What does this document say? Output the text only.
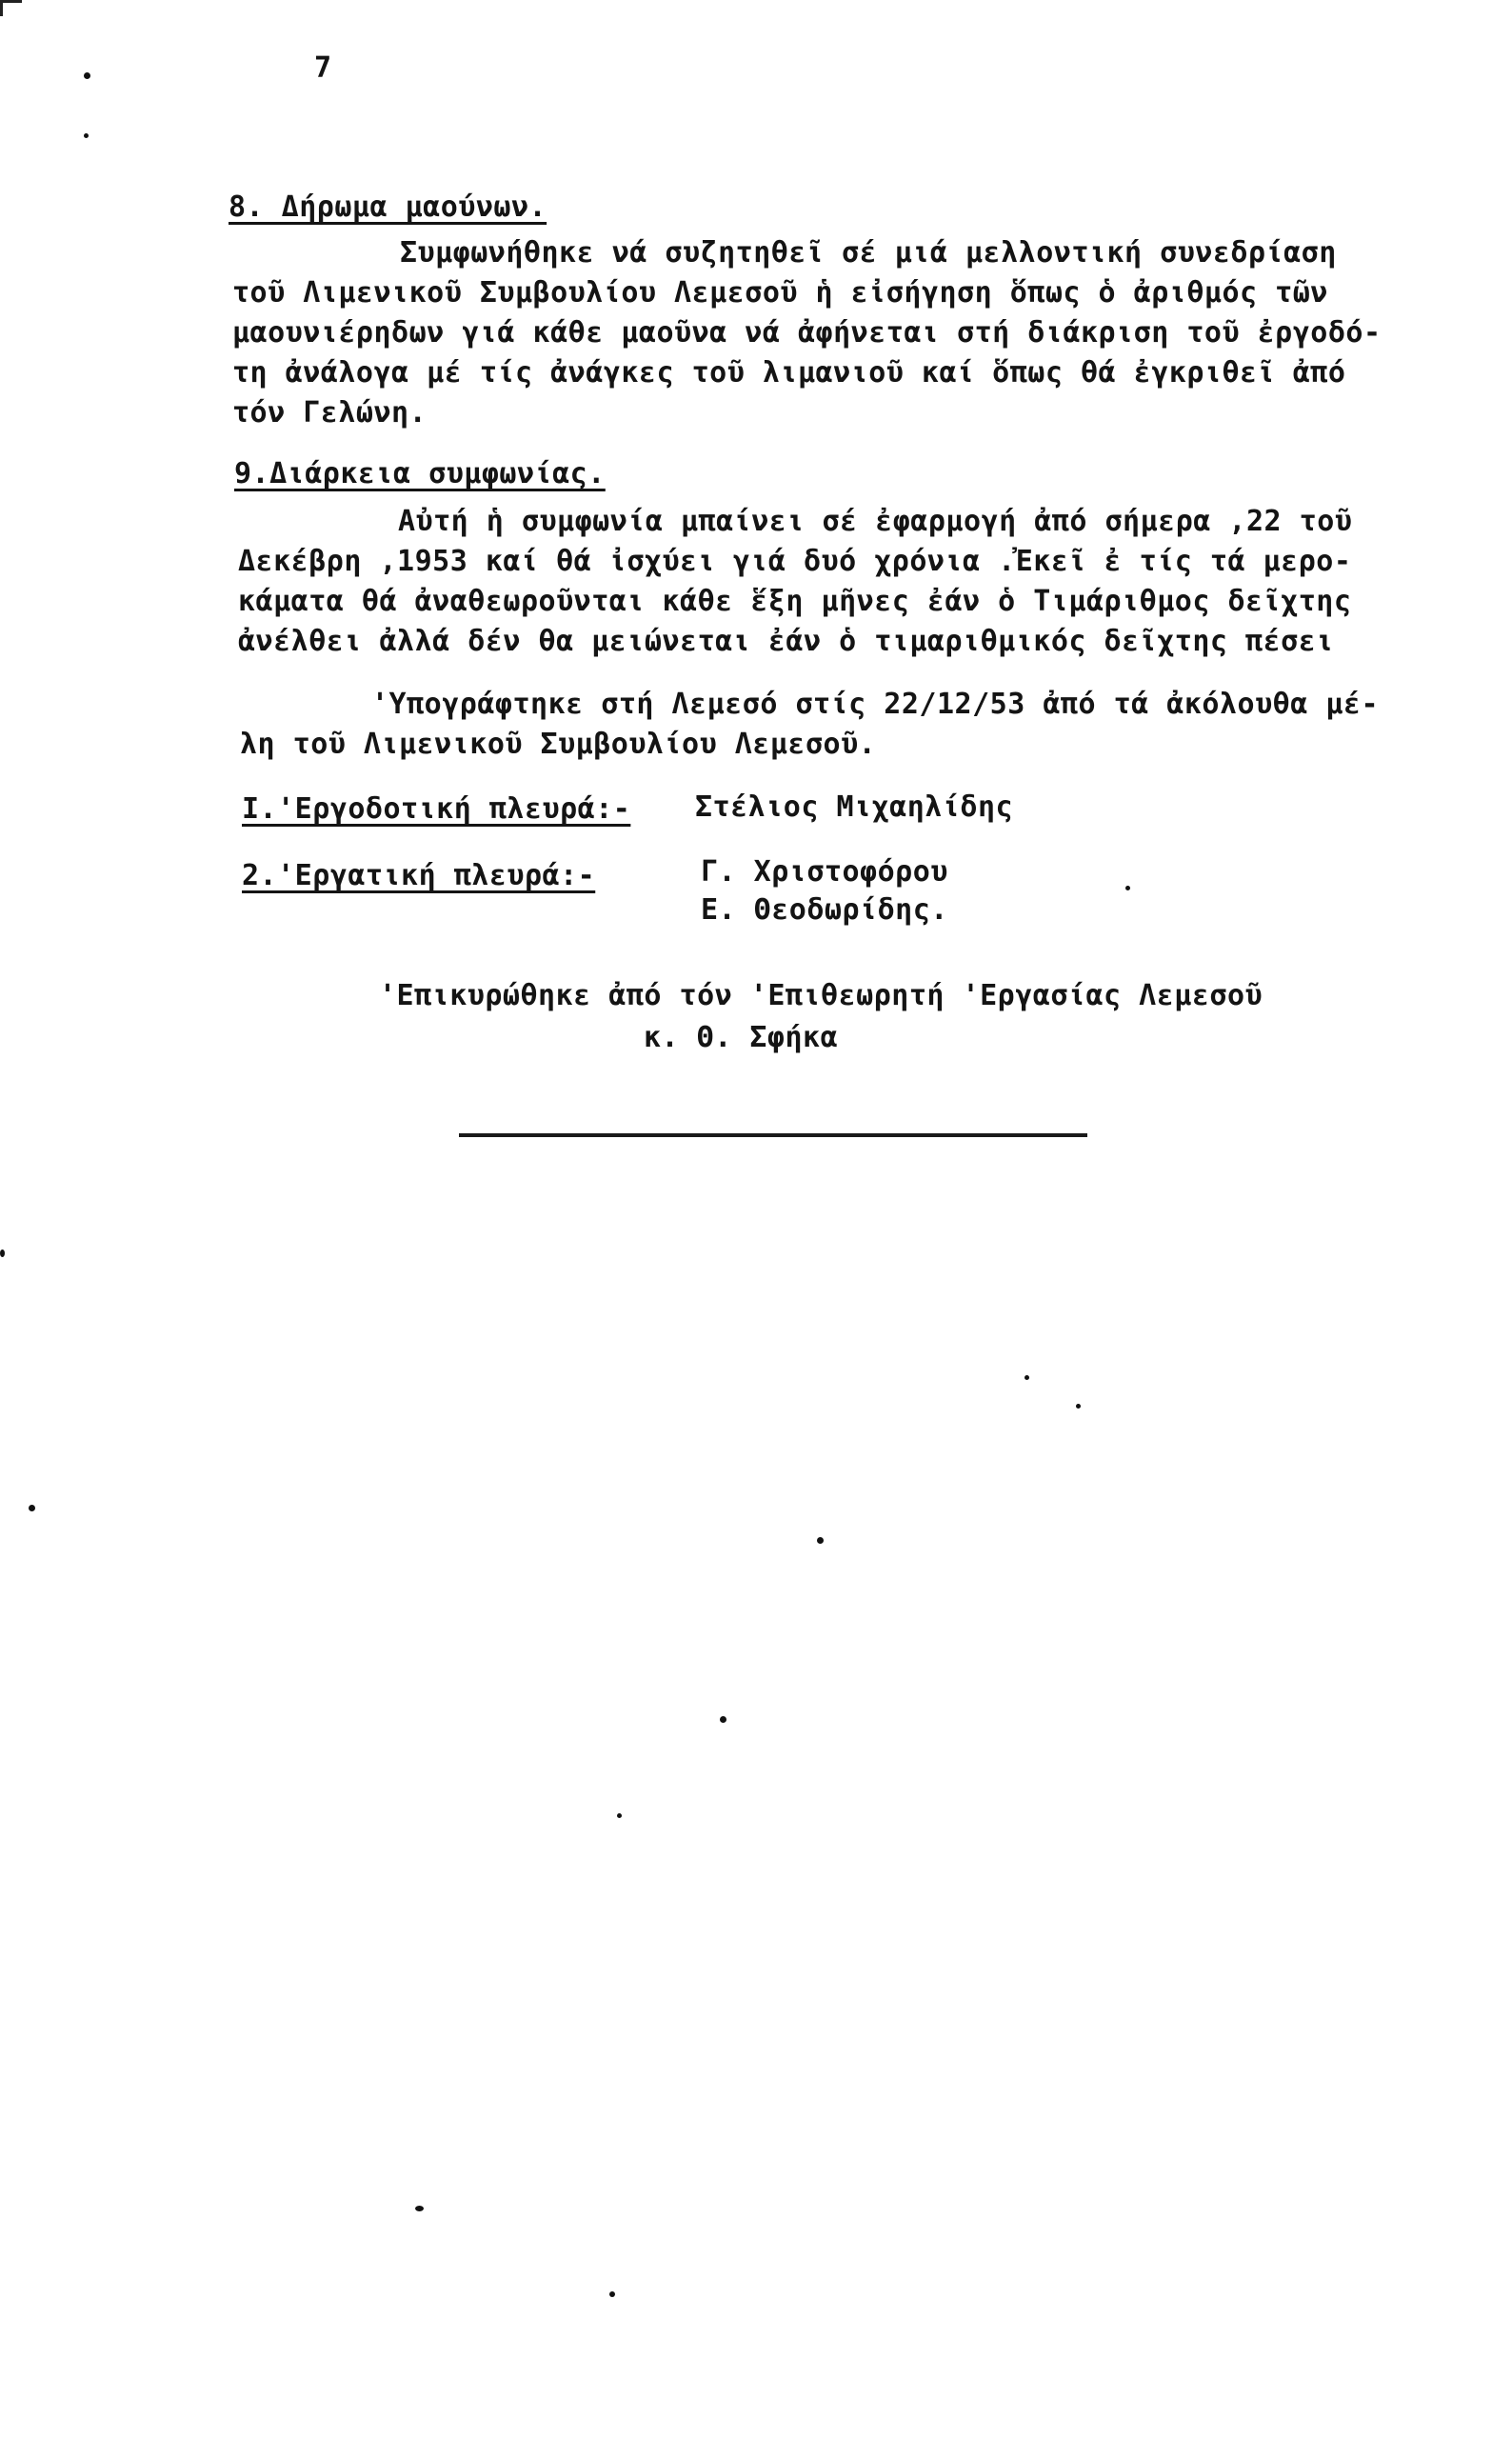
7
8. Δήρωμα μαούνων.
Συμφωνήθηκε νά συζητηθεῖ σέ μιά μελλοντική συνεδρίαση
τοῦ Λιμενικοῦ Συμβουλίου Λεμεσοῦ ἡ εἰσήγηση ὅπως ὁ ἀριθμός τῶν
μαουνιέρηδων γιά κάθε μαοῦνα νά ἀφήνεται στή διάκριση τοῦ ἐργοδό-
τη ἀνάλογα μέ τίς ἀνάγκες τοῦ λιμανιοῦ καί ὅπως θά ἐγκριθεῖ ἀπό
τόν Γελώνη.
9.Διάρκεια συμφωνίας.
Αὐτή ἡ συμφωνία μπαίνει σέ ἐφαρμογή ἀπό σήμερα ,22 τοῦ
Δεκέβρη ,1953 καί θά ἰσχύει γιά δυό χρόνια .Ἐκεῖ ἐ τίς τά μερο-
κάματα θά ἀναθεωροῦνται κάθε ἕξη μῆνες ἐάν ὁ Τιμάριθμος δεῖχτης
ἀνέλθει ἀλλά δέν θα μειώνεται ἐάν ὁ τιμαριθμικός δεῖχτης πέσει
'Υπογράφτηκε στή Λεμεσό στίς 22/12/53 ἀπό τά ἀκόλουθα μέ-
λη τοῦ Λιμενικοῦ Συμβουλίου Λεμεσοῦ.
Ι.'Εργοδοτική πλευρά:- Στέλιος Μιχαηλίδης
2.'Εργατική πλευρά:-	Γ. Χριστοφόρου
Ε. Θεοδωρίδης.
'Επικυρώθηκε ἀπό τόν 'Επιθεωρητή 'Εργασίας Λεμεσοῦ
κ. Θ. Σφήκα
